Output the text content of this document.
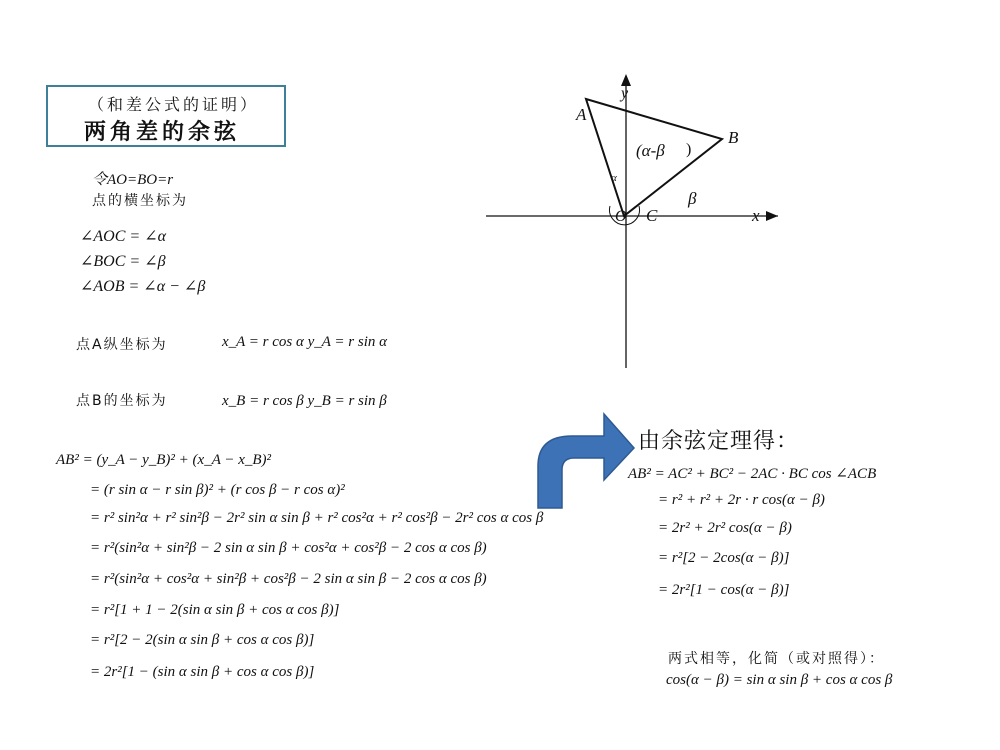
（和差公式的证明）
两角差的余弦
令AO=BO=r
点的横坐标为
∠AOC = ∠α
∠BOC = ∠β
∠AOB = ∠α − ∠β
点A纵坐标为	x_A = r cos α y_A = r sin α
点B的坐标为	x_B = r cos β y_B = r sin β
AB² = (y_A − y_B)² + (x_A − x_B)²
= (r sin α − r sin β)² + (r cos β − r cos α)²
= r² sin²α + r² sin²β − 2r² sin α sin β + r² cos²α + r² cos²β − 2r² cos α cos β
= r²(sin²α + sin²β − 2 sin α sin β + cos²α + cos²β − 2 cos α cos β)
= r²(sin²α + cos²α + sin²β + cos²β − 2 sin α sin β − 2 cos α cos β)
= r²[1 + 1 − 2(sin α sin β + cos α cos β)]
= r²[2 − 2(sin α sin β + cos α cos β)]
= 2r²[1 − (sin α sin β + cos α cos β)]
A
B
C
O	x
y
(α-β )
β
α
由余弦定理得：
AB² = AC² + BC² − 2AC · BC cos ∠ACB
= r² + r² + 2r · r cos(α − β)
= 2r² + 2r² cos(α − β)
= r²[2 − 2cos(α − β)]
= 2r²[1 − cos(α − β)]
两式相等，化简（或对照得）：
cos(α − β) = sin α sin β + cos α cos β
